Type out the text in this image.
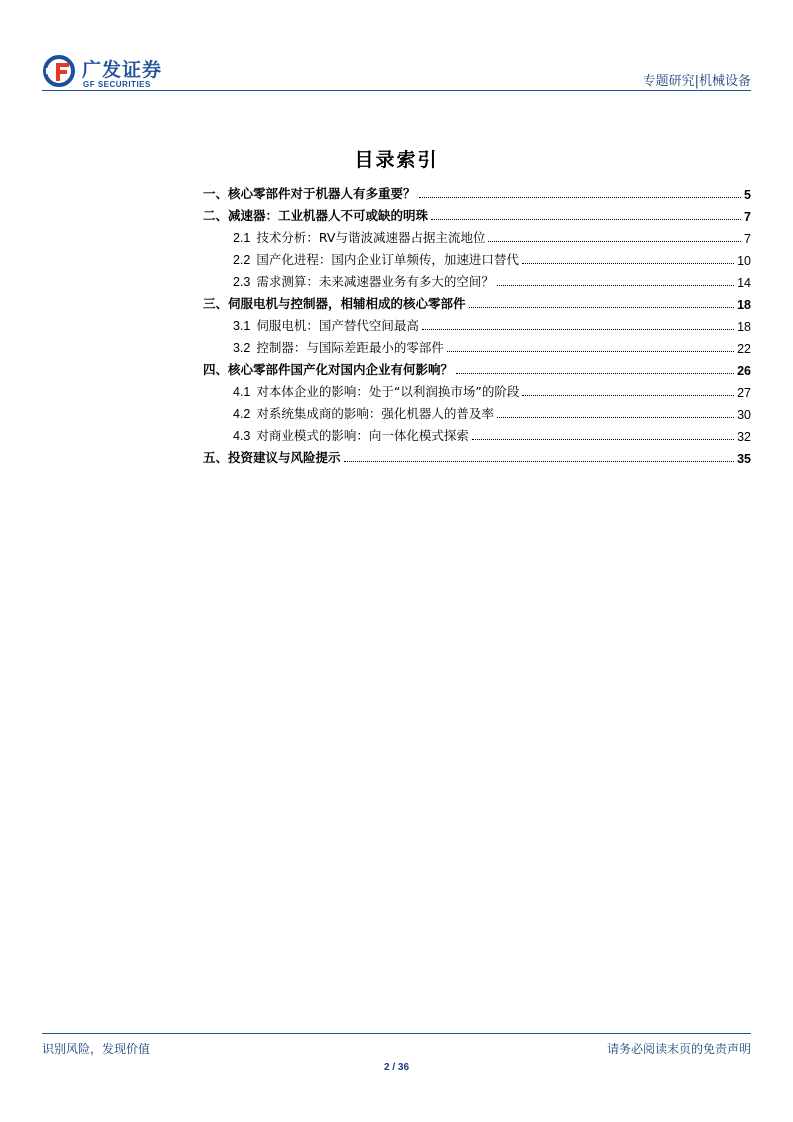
广发证券
GF SECURITIES	专题研究|机械设备
目录索引
一、核心零部件对于机器人有多重要？	5
二、减速器：工业机器人不可或缺的明珠	7
2.1 技术分析：RV与谐波减速器占据主流地位	7
2.2 国产化进程：国内企业订单频传，加速进口替代	10
2.3 需求测算：未来减速器业务有多大的空间？	14
三、伺服电机与控制器，相辅相成的核心零部件	18
3.1 伺服电机：国产替代空间最高	18
3.2 控制器：与国际差距最小的零部件	22
四、核心零部件国产化对国内企业有何影响？	26
4.1 对本体企业的影响：处于“以利润换市场”的阶段	27
4.2 对系统集成商的影响：强化机器人的普及率	30
4.3 对商业模式的影响：向一体化模式探索	32
五、投资建议与风险提示	35
识别风险，发现价值	请务必阅读末页的免责声明
2 / 36
